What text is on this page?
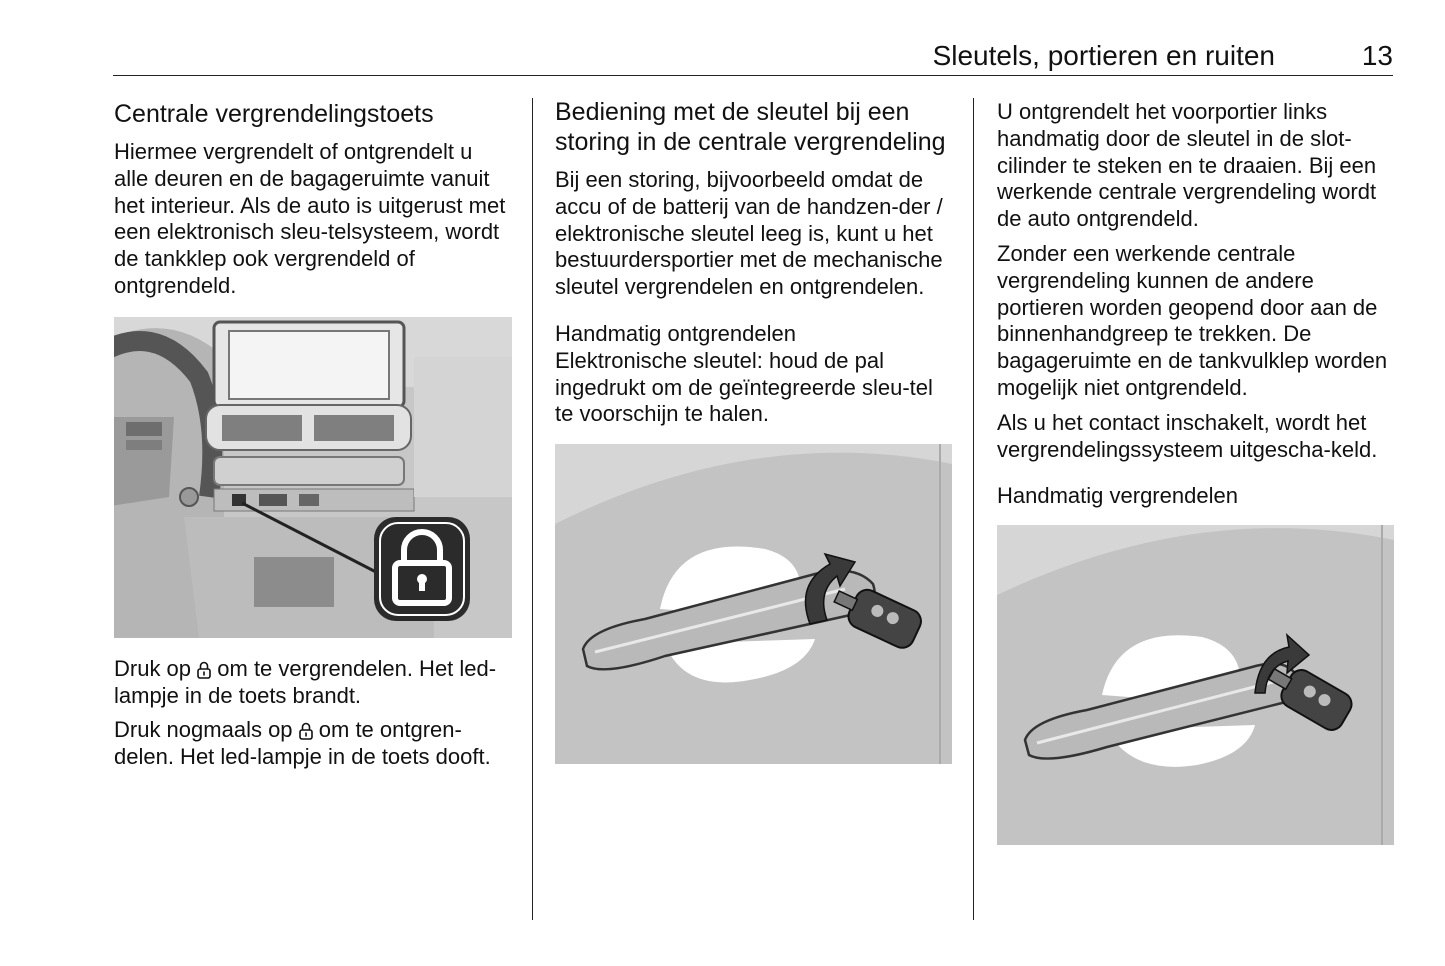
Sleutels, portieren en ruiten	13
Centrale vergrendelingstoets

Hiermee vergrendelt of ontgrendelt u alle deuren en de bagageruimte vanuit het interieur. Als de auto is uitgerust met een elektronisch sleu-telsysteem, wordt de tankklep ook vergrendeld of ontgrendeld.

Druk op  om te vergrendelen. Het led-lampje in de toets brandt.

Druk nogmaals op  om te ontgren-delen. Het led-lampje in de toets dooft.

Bediening met de sleutel bij een storing in de centrale vergrendeling

Bij een storing, bijvoorbeeld omdat de accu of de batterij van de handzen-der / elektronische sleutel leeg is, kunt u het bestuurdersportier met de mechanische sleutel vergrendelen en ontgrendelen.

Handmatig ontgrendelen

Elektronische sleutel: houd de pal ingedrukt om de geïntegreerde sleu-tel te voorschijn te halen.

U ontgrendelt het voorportier links handmatig door de sleutel in de slot-cilinder te steken en te draaien. Bij een werkende centrale vergrendeling wordt de auto ontgrendeld.

Zonder een werkende centrale vergrendeling kunnen de andere portieren worden geopend door aan de binnenhandgreep te trekken. De bagageruimte en de tankvulklep worden mogelijk niet ontgrendeld.

Als u het contact inschakelt, wordt het vergrendelingssysteem uitgescha-keld.

Handmatig vergrendelen
